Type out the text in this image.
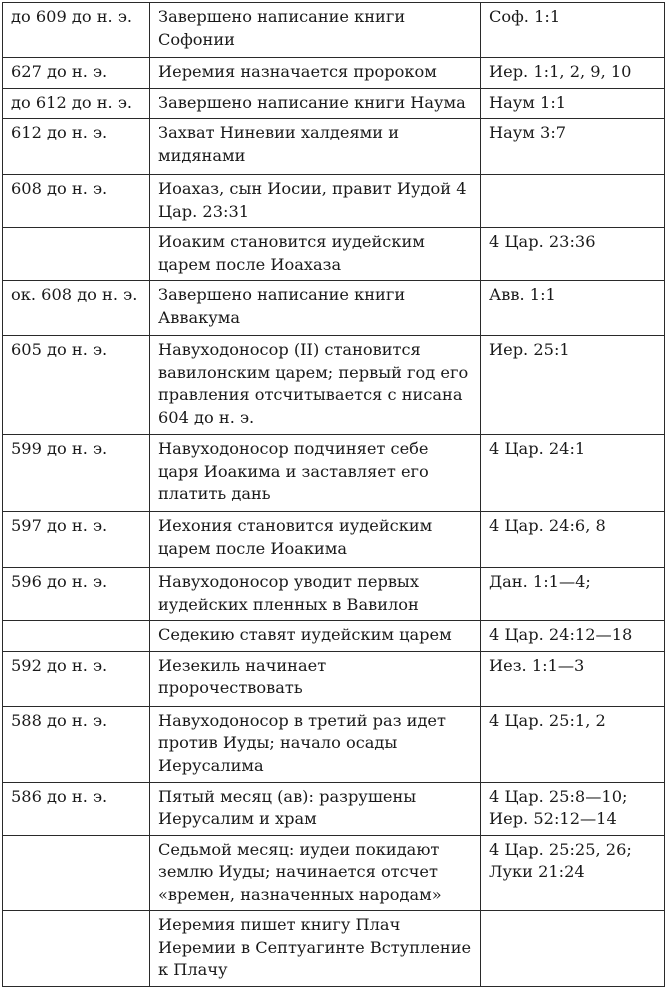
до 609 до н. э.	Завершено написание книги Софонии	Соф. 1:1
627 до н. э.	Иеремия назначается пророком	Иер. 1:1, 2, 9, 10
до 612 до н. э.	Завершено написание книги Наума	Наум 1:1
612 до н. э.	Захват Ниневии халдеями и мидянами	Наум 3:7
608 до н. э.	Иоахаз, сын Иосии, правит Иудой 4 Цар. 23:31	
	Иоаким становится иудейским царем после Иоахаза	4 Цар. 23:36
ок. 608 до н. э.	Завершено написание книги Аввакума	Авв. 1:1
605 до н. э.	Навуходоносор (II) становится вавилонским царем; первый год его правления отсчитывается с нисана 604 до н. э.	Иер. 25:1
599 до н. э.	Навуходоносор подчиняет себе царя Иоакима и заставляет его платить дань	4 Цар. 24:1
597 до н. э.	Иехония становится иудейским царем после Иоакима	4 Цар. 24:6, 8
596 до н. э.	Навуходоносор уводит первых иудейских пленных в Вавилон	Дан. 1:1—4;
	Седекию ставят иудейским царем	4 Цар. 24:12—18
592 до н. э.	Иезекиль начинает пророчествовать	Иез. 1:1—3
588 до н. э.	Навуходоносор в третий раз идет против Иуды; начало осады Иерусалима	4 Цар. 25:1, 2
586 до н. э.	Пятый месяц (ав): разрушены Иерусалим и храм	4 Цар. 25:8—10; Иер. 52:12—14
	Седьмой месяц: иудеи покидают землю Иуды; начинается отсчет «времен, назначенных народам»	4 Цар. 25:25, 26; Луки 21:24
	Иеремия пишет книгу Плач Иеремии в Септуагинте Вступление к Плачу	
